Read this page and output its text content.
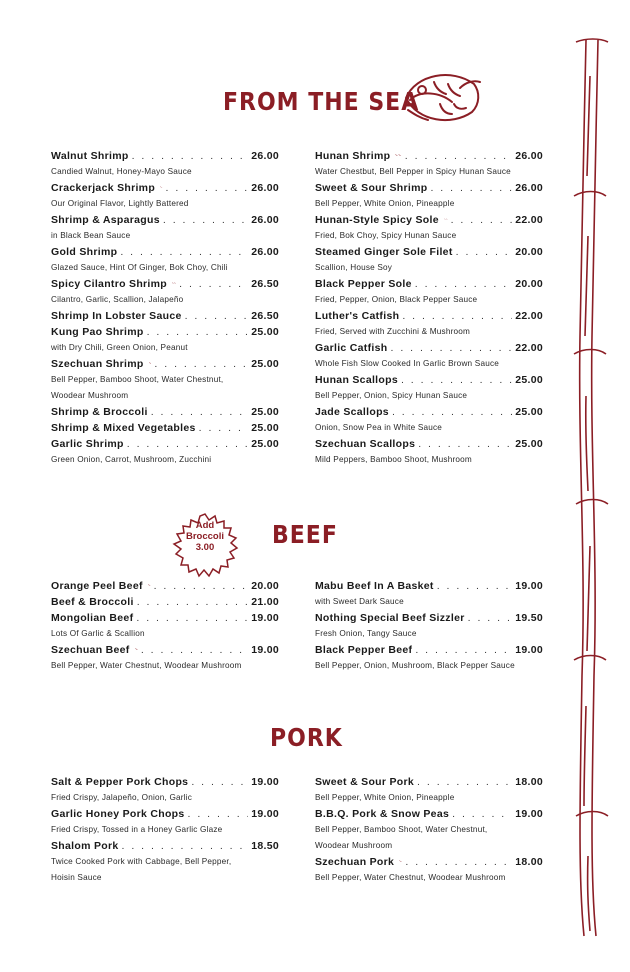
FROM THE SEA
BEEF
PORK
Add
Broccoli
3.00
Walnut Shrimp . . .	26.00
Candied Walnut, Honey-Mayo Sauce
Crackerjack Shrimp . . .	26.00
Our Original Flavor, Lightly Battered
Shrimp & Asparagus . . .	26.00
in Black Bean Sauce
Gold Shrimp . . .	26.00
Glazed Sauce, Hint Of Ginger, Bok Choy, Chili
Spicy Cilantro Shrimp . . .	26.50
Cilantro, Garlic, Scallion, Jalapeño
Shrimp In Lobster Sauce . . .	26.50
Kung Pao Shrimp . . .	25.00
with Dry Chili, Green Onion, Peanut
Szechuan Shrimp . . .	25.00
Bell Pepper, Bamboo Shoot, Water Chestnut,
Woodear Mushroom
Shrimp & Broccoli . . .	25.00
Shrimp & Mixed Vegetables . . .	25.00
Garlic Shrimp . . .	25.00
Green Onion, Carrot, Mushroom, Zucchini
Hunan Shrimp . . .	26.00
Water Chestbut, Bell Pepper in Spicy Hunan Sauce
Sweet & Sour Shrimp . . .	26.00
Bell Pepper, White Onion, Pineapple
Hunan-Style Spicy Sole . . .	22.00
Fried, Bok Choy, Spicy Hunan Sauce
Steamed Ginger Sole Filet . . .	20.00
Scallion, House Soy
Black Pepper Sole . . .	20.00
Fried, Pepper, Onion, Black Pepper Sauce
Luther's Catfish . . .	22.00
Fried, Served with Zucchini & Mushroom
Garlic Catfish . . .	22.00
Whole Fish Slow Cooked In Garlic Brown Sauce
Hunan Scallops . . .	25.00
Bell Pepper, Onion, Spicy Hunan Sauce
Jade Scallops . . .	25.00
Onion, Snow Pea in White Sauce
Szechuan Scallops . . .	25.00
Mild Peppers, Bamboo Shoot, Mushroom
Orange Peel Beef . . .	20.00
Beef & Broccoli . . .	21.00
Mongolian Beef . . .	19.00
Lots Of Garlic & Scallion
Szechuan Beef . . .	19.00
Bell Pepper, Water Chestnut, Woodear Mushroom
Mabu Beef In A Basket . . .	19.00
with Sweet Dark Sauce
Nothing Special Beef Sizzler . . .	19.50
Fresh Onion, Tangy Sauce
Black Pepper Beef . . .	19.00
Bell Pepper, Onion, Mushroom, Black Pepper Sauce
Salt & Pepper Pork Chops . . .	19.00
Fried Crispy, Jalapeño, Onion, Garlic
Garlic Honey Pork Chops . . .	19.00
Fried Crispy, Tossed in a Honey Garlic Glaze
Shalom Pork . . .	18.50
Twice Cooked Pork with Cabbage, Bell Pepper,
Hoisin Sauce
Sweet & Sour Pork . . .	18.00
Bell Pepper, White Onion, Pineapple
B.B.Q. Pork & Snow Peas . . .	19.00
Bell Pepper, Bamboo Shoot, Water Chestnut,
Woodear Mushroom
Szechuan Pork . . .	18.00
Bell Pepper, Water Chestnut, Woodear Mushroom
